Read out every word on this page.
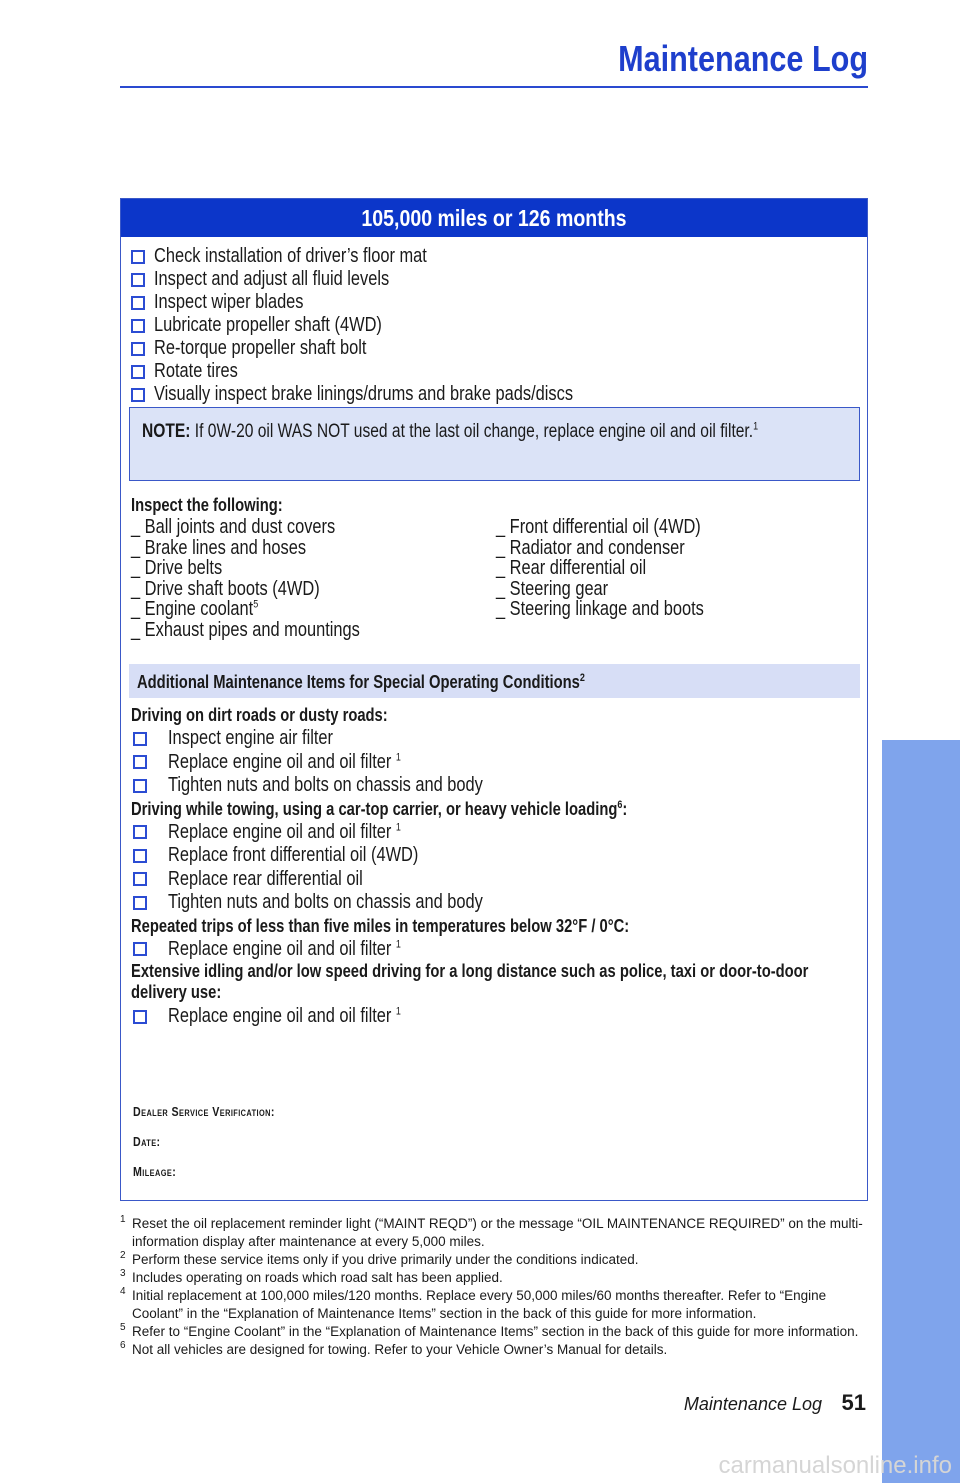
Maintenance Log
MAINTENANCE
105,000 miles or 126 months
Check installation of driver’s floor mat
Inspect and adjust all fluid levels
Inspect wiper blades
Lubricate propeller shaft (4WD)
Re-torque propeller shaft bolt
Rotate tires
Visually inspect brake linings/drums and brake pads/discs
NOTE: If 0W-20 oil WAS NOT used at the last oil change, replace engine oil and oil filter.$^1$
Inspect the following:
_ Ball joints and dust covers
_ Brake lines and hoses
_ Drive belts
_ Drive shaft boots (4WD)
_ Engine coolant$^5$
_ Exhaust pipes and mountings
_ Front differential oil (4WD)
_ Radiator and condenser
_ Rear differential oil
_ Steering gear
_ Steering linkage and boots
Additional Maintenance Items for Special Operating Conditions$^2$
Driving on dirt roads or dusty roads:
Inspect engine air filter
Replace engine oil and oil filter $^1$
Tighten nuts and bolts on chassis and body
Driving while towing, using a car-top carrier, or heavy vehicle loading$^6$:
Replace engine oil and oil filter $^1$
Replace front differential oil (4WD)
Replace rear differential oil
Tighten nuts and bolts on chassis and body
Repeated trips of less than five miles in temperatures below 32°F / 0°C:
Replace engine oil and oil filter $^1$
Extensive idling and/or low speed driving for a long distance such as police, taxi or door-to-door delivery use:
Replace engine oil and oil filter $^1$
Dealer Service Verification:
Date:
Mileage:
1 Reset the oil replacement reminder light (“MAINT REQD”) or the message “OIL MAINTENANCE REQUIRED” on the multi-information display after maintenance at every 5,000 miles.
2 Perform these service items only if you drive primarily under the conditions indicated.
3 Includes operating on roads which road salt has been applied.
4 Initial replacement at 100,000 miles/120 months. Replace every 50,000 miles/60 months thereafter. Refer to “Engine Coolant” in the “Explanation of Maintenance Items” section in the back of this guide for more information.
5 Refer to “Engine Coolant” in the “Explanation of Maintenance Items” section in the back of this guide for more information.
6 Not all vehicles are designed for towing. Refer to your Vehicle Owner’s Manual for details.
Maintenance Log 51
carmanualsonline.info
